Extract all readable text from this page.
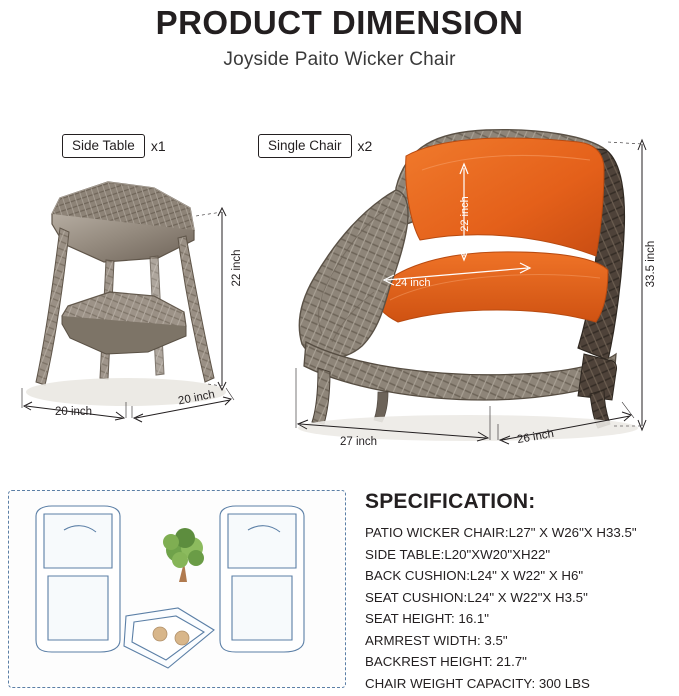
PRODUCT DIMENSION
Joyside Paito Wicker Chair
Side Table	x1	Single Chair	x2
22 inch
20 inch
20 inch
22 inch
24 inch	33.5 inch
27 inch	26 inch
SPECIFICATION:
PATIO WICKER CHAIR:L27" X W26"X H33.5"
SIDE TABLE:L20"XW20"XH22"
BACK CUSHION:L24" X W22" X H6"
SEAT CUSHION:L24" X W22"X H3.5"
SEAT HEIGHT: 16.1"
ARMREST WIDTH: 3.5"
BACKREST HEIGHT: 21.7"
CHAIR WEIGHT CAPACITY: 300 LBS
